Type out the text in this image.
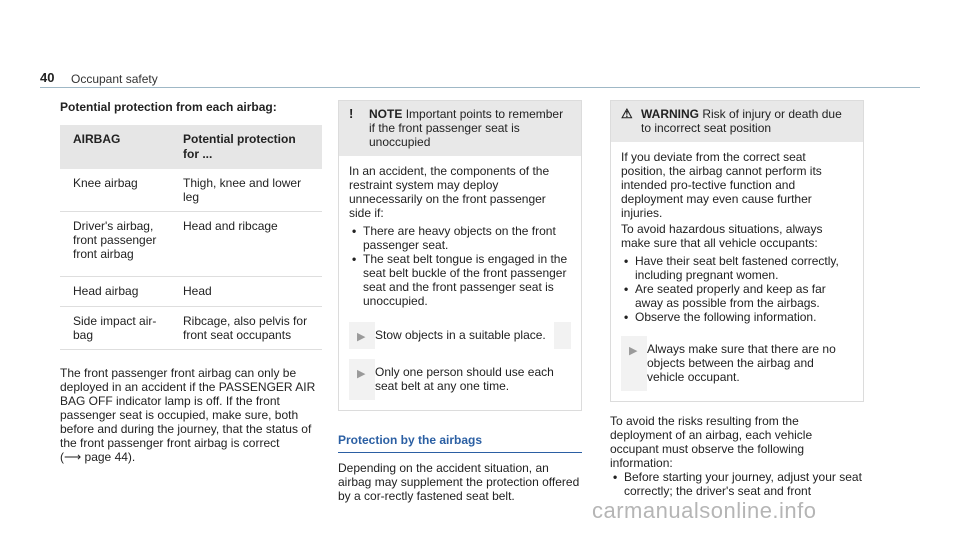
40 Occupant safety
Potential protection from each airbag:
AIRBAG	Potential protection for ...
Knee airbag	Thigh, knee and lower leg
Driver's airbag, front passenger front airbag	Head and ribcage
Head airbag	Head
Side impact air-bag	Ribcage, also pelvis for front seat occupants

The front passenger front airbag can only be deployed in an accident if the PASSENGER AIR BAG OFF indicator lamp is off. If the front passenger seat is occupied, make sure, both before and during the journey, that the status of the front passenger front airbag is correct
(⟶ page 44).

!	NOTE Important points to remember if the front passenger seat is unoccupied

In an accident, the components of the restraint system may deploy unnecessarily on the front passenger side if:

• There are heavy objects on the front passenger seat.
• The seat belt tongue is engaged in the seat belt buckle of the front passenger seat and the front passenger seat is unoccupied.
▶ Stow objects in a suitable place.
▶ Only one person should use each seat belt at any one time.
Protection by the airbags

Depending on the accident situation, an airbag may supplement the protection offered by a cor-rectly fastened seat belt.

⚠ WARNING Risk of injury or death due to incorrect seat position

If you deviate from the correct seat position, the airbag cannot perform its intended pro-tective function and deployment may even cause further injuries.

To avoid hazardous situations, always make sure that all vehicle occupants:

• Have their seat belt fastened correctly, including pregnant women.
• Are seated properly and keep as far away as possible from the airbags.
• Observe the following information.
▶ Always make sure that there are no objects between the airbag and vehicle occupant.

To avoid the risks resulting from the deployment of an airbag, each vehicle occupant must observe the following information:

• Before starting your journey, adjust your seat correctly; the driver's seat and front
carmanualsonline.info
